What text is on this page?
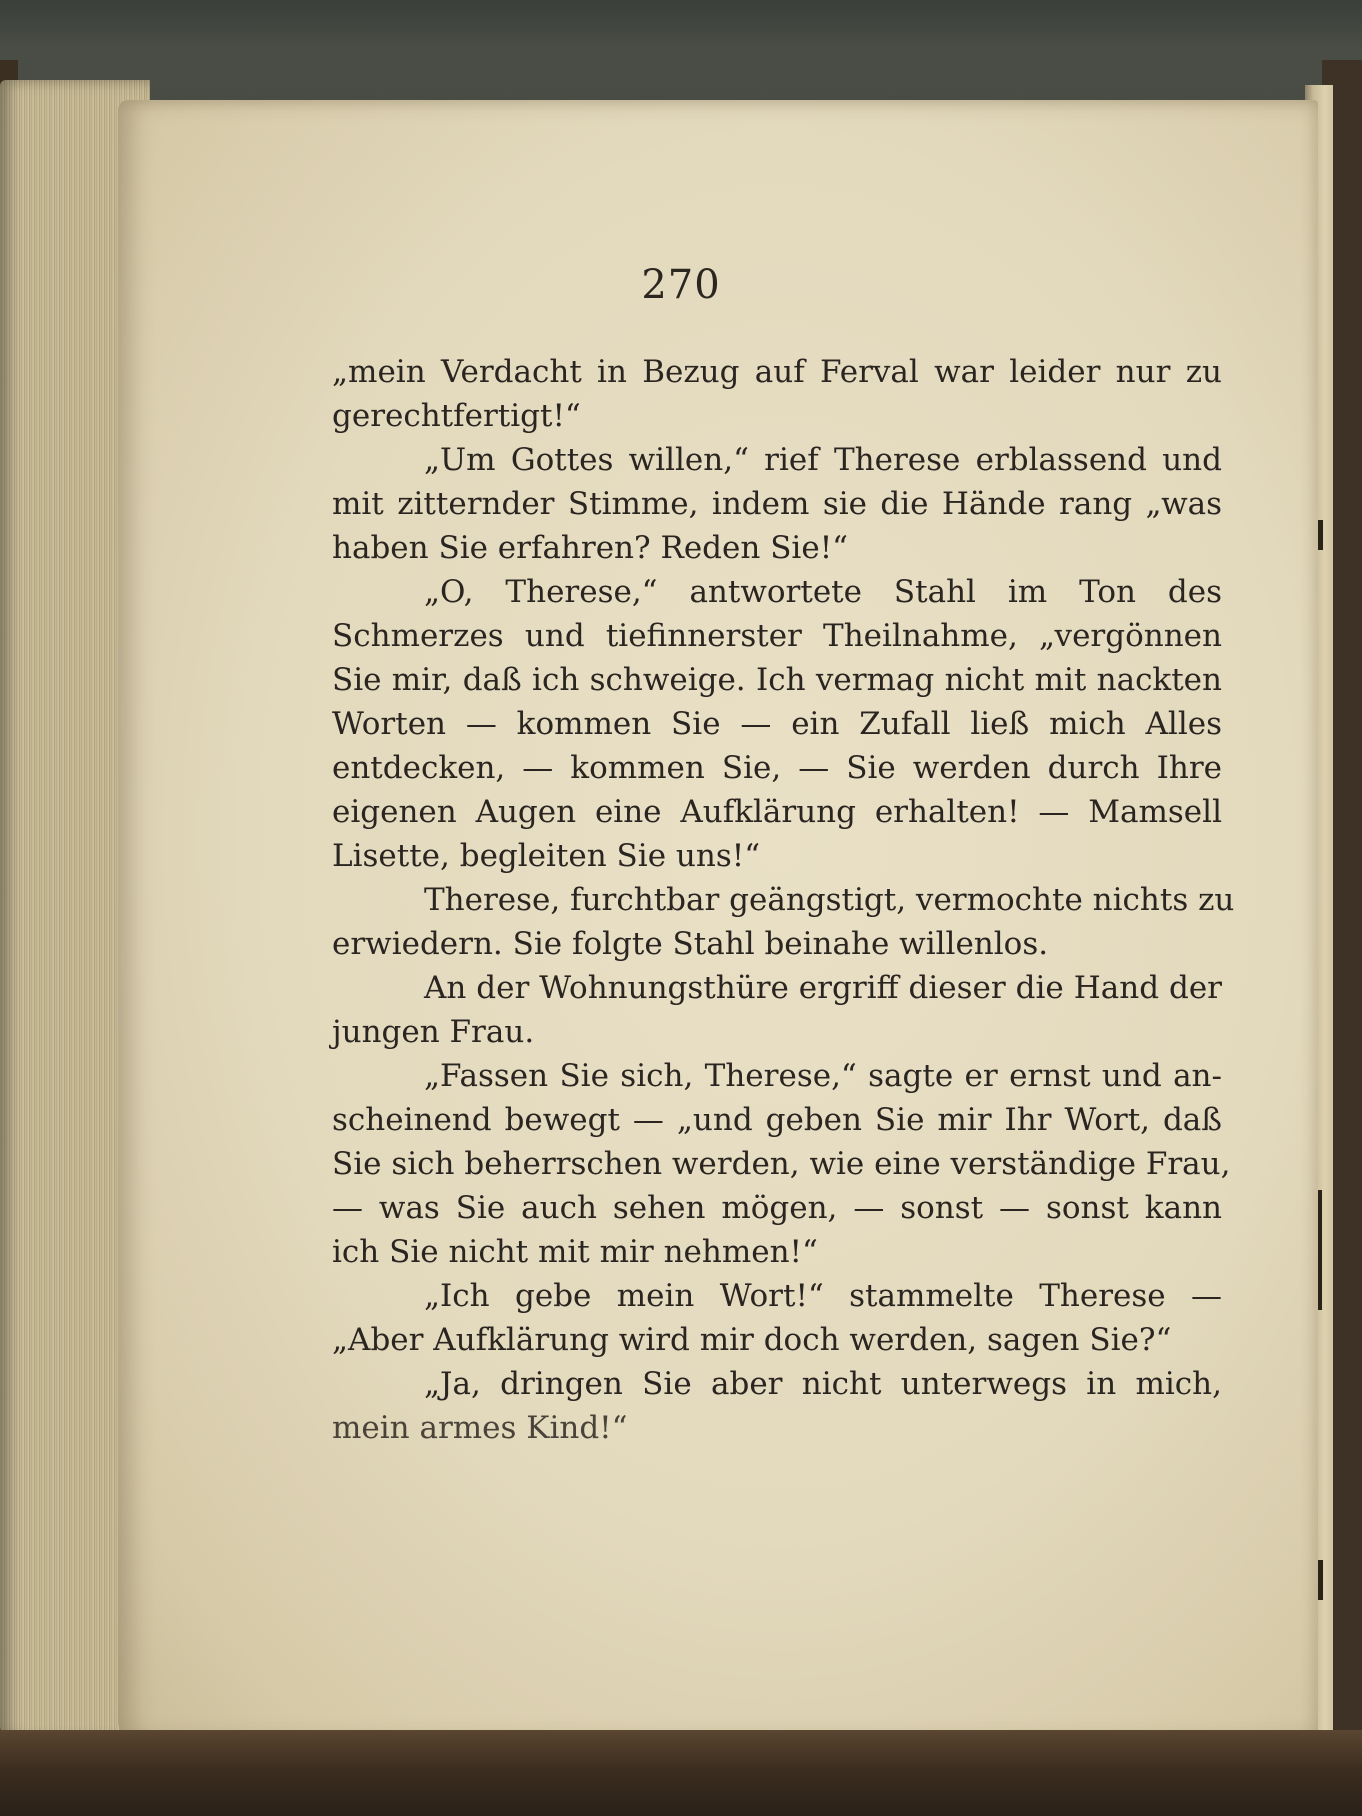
270
„mein Verdacht in Bezug auf Ferval war leider nur zu
gerechtfertigt!“
„Um Gottes willen,“ rief Therese erblassend und
mit zitternder Stimme, indem sie die Hände rang „was
haben Sie erfahren? Reden Sie!“
„O, Therese,“ antwortete Stahl im Ton des
Schmerzes und tiefinnerster Theilnahme, „vergönnen
Sie mir, daß ich schweige. Ich vermag nicht mit nackten
Worten — kommen Sie — ein Zufall ließ mich Alles
entdecken, — kommen Sie, — Sie werden durch Ihre
eigenen Augen eine Aufklärung erhalten! — Mamsell
Lisette, begleiten Sie uns!“
Therese, furchtbar geängstigt, vermochte nichts zu
erwiedern. Sie folgte Stahl beinahe willenlos.
An der Wohnungsthüre ergriff dieser die Hand der
jungen Frau.
„Fassen Sie sich, Therese,“ sagte er ernst und an-
scheinend bewegt — „und geben Sie mir Ihr Wort, daß
Sie sich beherrschen werden, wie eine verständige Frau,
— was Sie auch sehen mögen, — sonst — sonst kann
ich Sie nicht mit mir nehmen!“
„Ich gebe mein Wort!“ stammelte Therese —
„Aber Aufklärung wird mir doch werden, sagen Sie?“
„Ja, dringen Sie aber nicht unterwegs in mich,
mein armes Kind!“
